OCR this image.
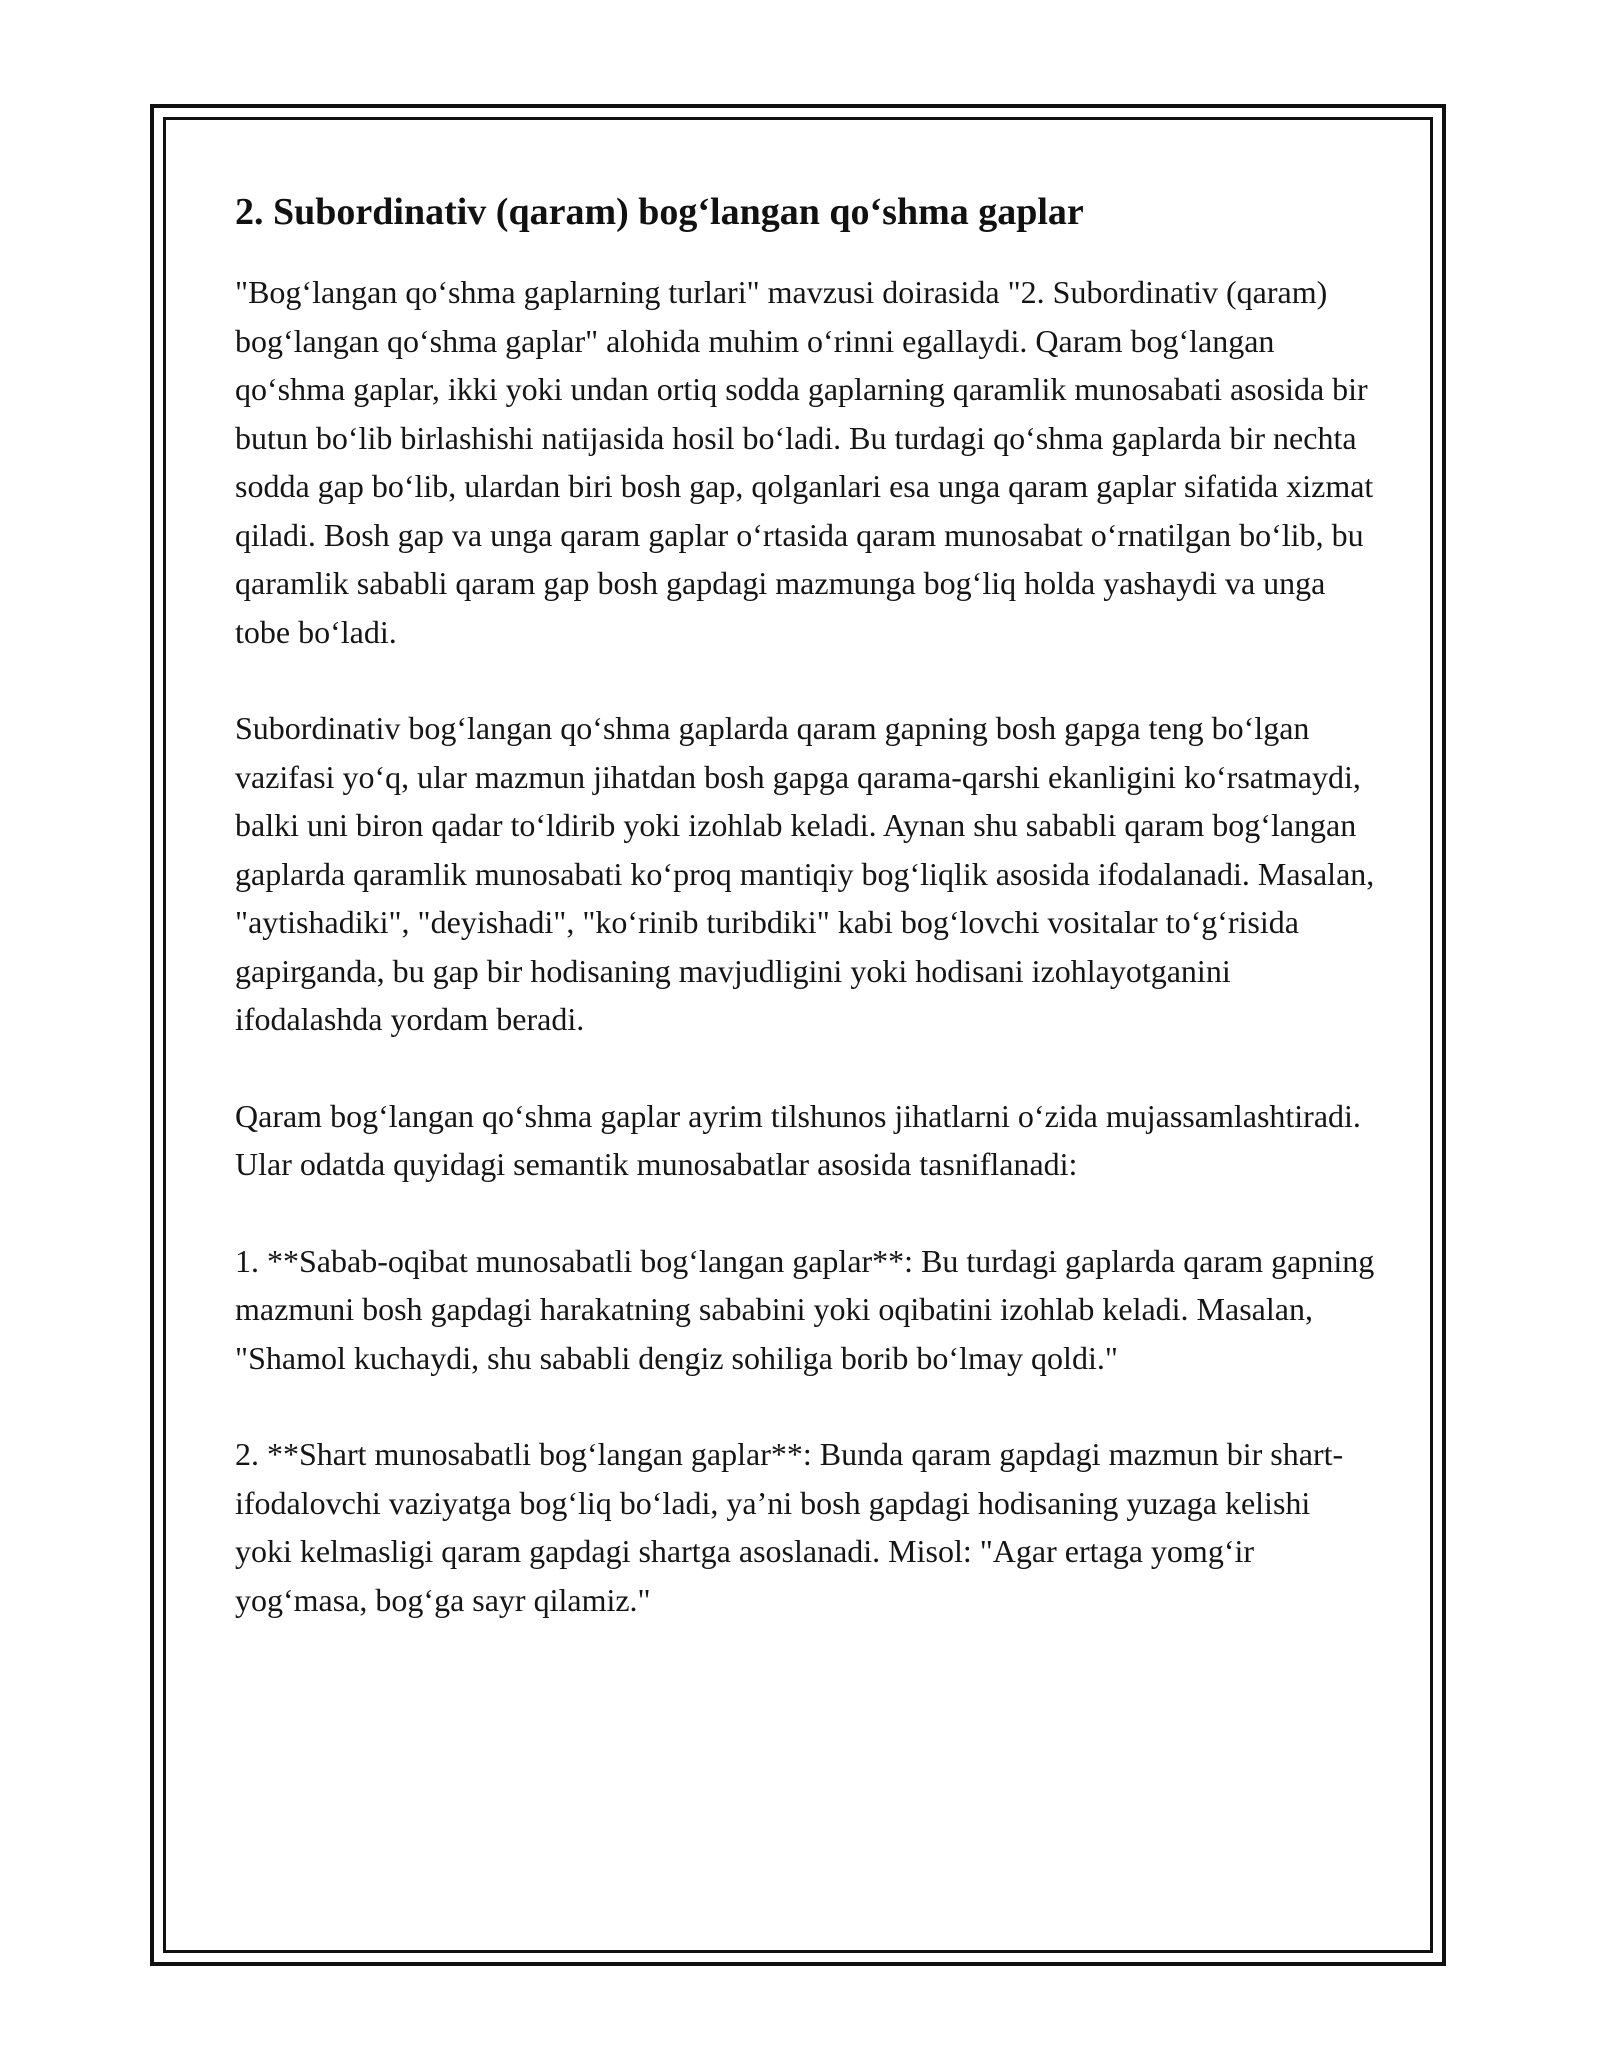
2. Subordinativ (qaram) bog‘langan qo‘shma gaplar

"Bog‘langan qo‘shma gaplarning turlari" mavzusi doirasida "2. Subordinativ (qaram) bog‘langan qo‘shma gaplar" alohida muhim o‘rinni egallaydi. Qaram bog‘langan qo‘shma gaplar, ikki yoki undan ortiq sodda gaplarning qaramlik munosabati asosida bir butun bo‘lib birlashishi natijasida hosil bo‘ladi. Bu turdagi qo‘shma gaplarda bir nechta sodda gap bo‘lib, ulardan biri bosh gap, qolganlari esa unga qaram gaplar sifatida xizmat qiladi. Bosh gap va unga qaram gaplar o‘rtasida qaram munosabat o‘rnatilgan bo‘lib, bu qaramlik sababli qaram gap bosh gapdagi mazmunga bog‘liq holda yashaydi va unga tobe bo‘ladi.

Subordinativ bog‘langan qo‘shma gaplarda qaram gapning bosh gapga teng bo‘lgan vazifasi yo‘q, ular mazmun jihatdan bosh gapga qarama-qarshi ekanligini ko‘rsatmaydi, balki uni biron qadar to‘ldirib yoki izohlab keladi. Aynan shu sababli qaram bog‘langan gaplarda qaramlik munosabati ko‘proq mantiqiy bog‘liqlik asosida ifodalanadi. Masalan, "aytishadiki", "deyishadi", "ko‘rinib turibdiki" kabi bog‘lovchi vositalar to‘g‘risida gapirganda, bu gap bir hodisaning mavjudligini yoki hodisani izohlayotganini ifodalashda yordam beradi.

Qaram bog‘langan qo‘shma gaplar ayrim tilshunos jihatlarni o‘zida mujassamlashtiradi. Ular odatda quyidagi semantik munosabatlar asosida tasniflanadi:

1. **Sabab-oqibat munosabatli bog‘langan gaplar**: Bu turdagi gaplarda qaram gapning mazmuni bosh gapdagi harakatning sababini yoki oqibatini izohlab keladi. Masalan, "Shamol kuchaydi, shu sababli dengiz sohiliga borib bo‘lmay qoldi."

2. **Shart munosabatli bog‘langan gaplar**: Bunda qaram gapdagi mazmun bir shart-ifodalovchi vaziyatga bog‘liq bo‘ladi, ya’ni bosh gapdagi hodisaning yuzaga kelishi yoki kelmasligi qaram gapdagi shartga asoslanadi. Misol: "Agar ertaga yomg‘ir yog‘masa, bog‘ga sayr qilamiz."
